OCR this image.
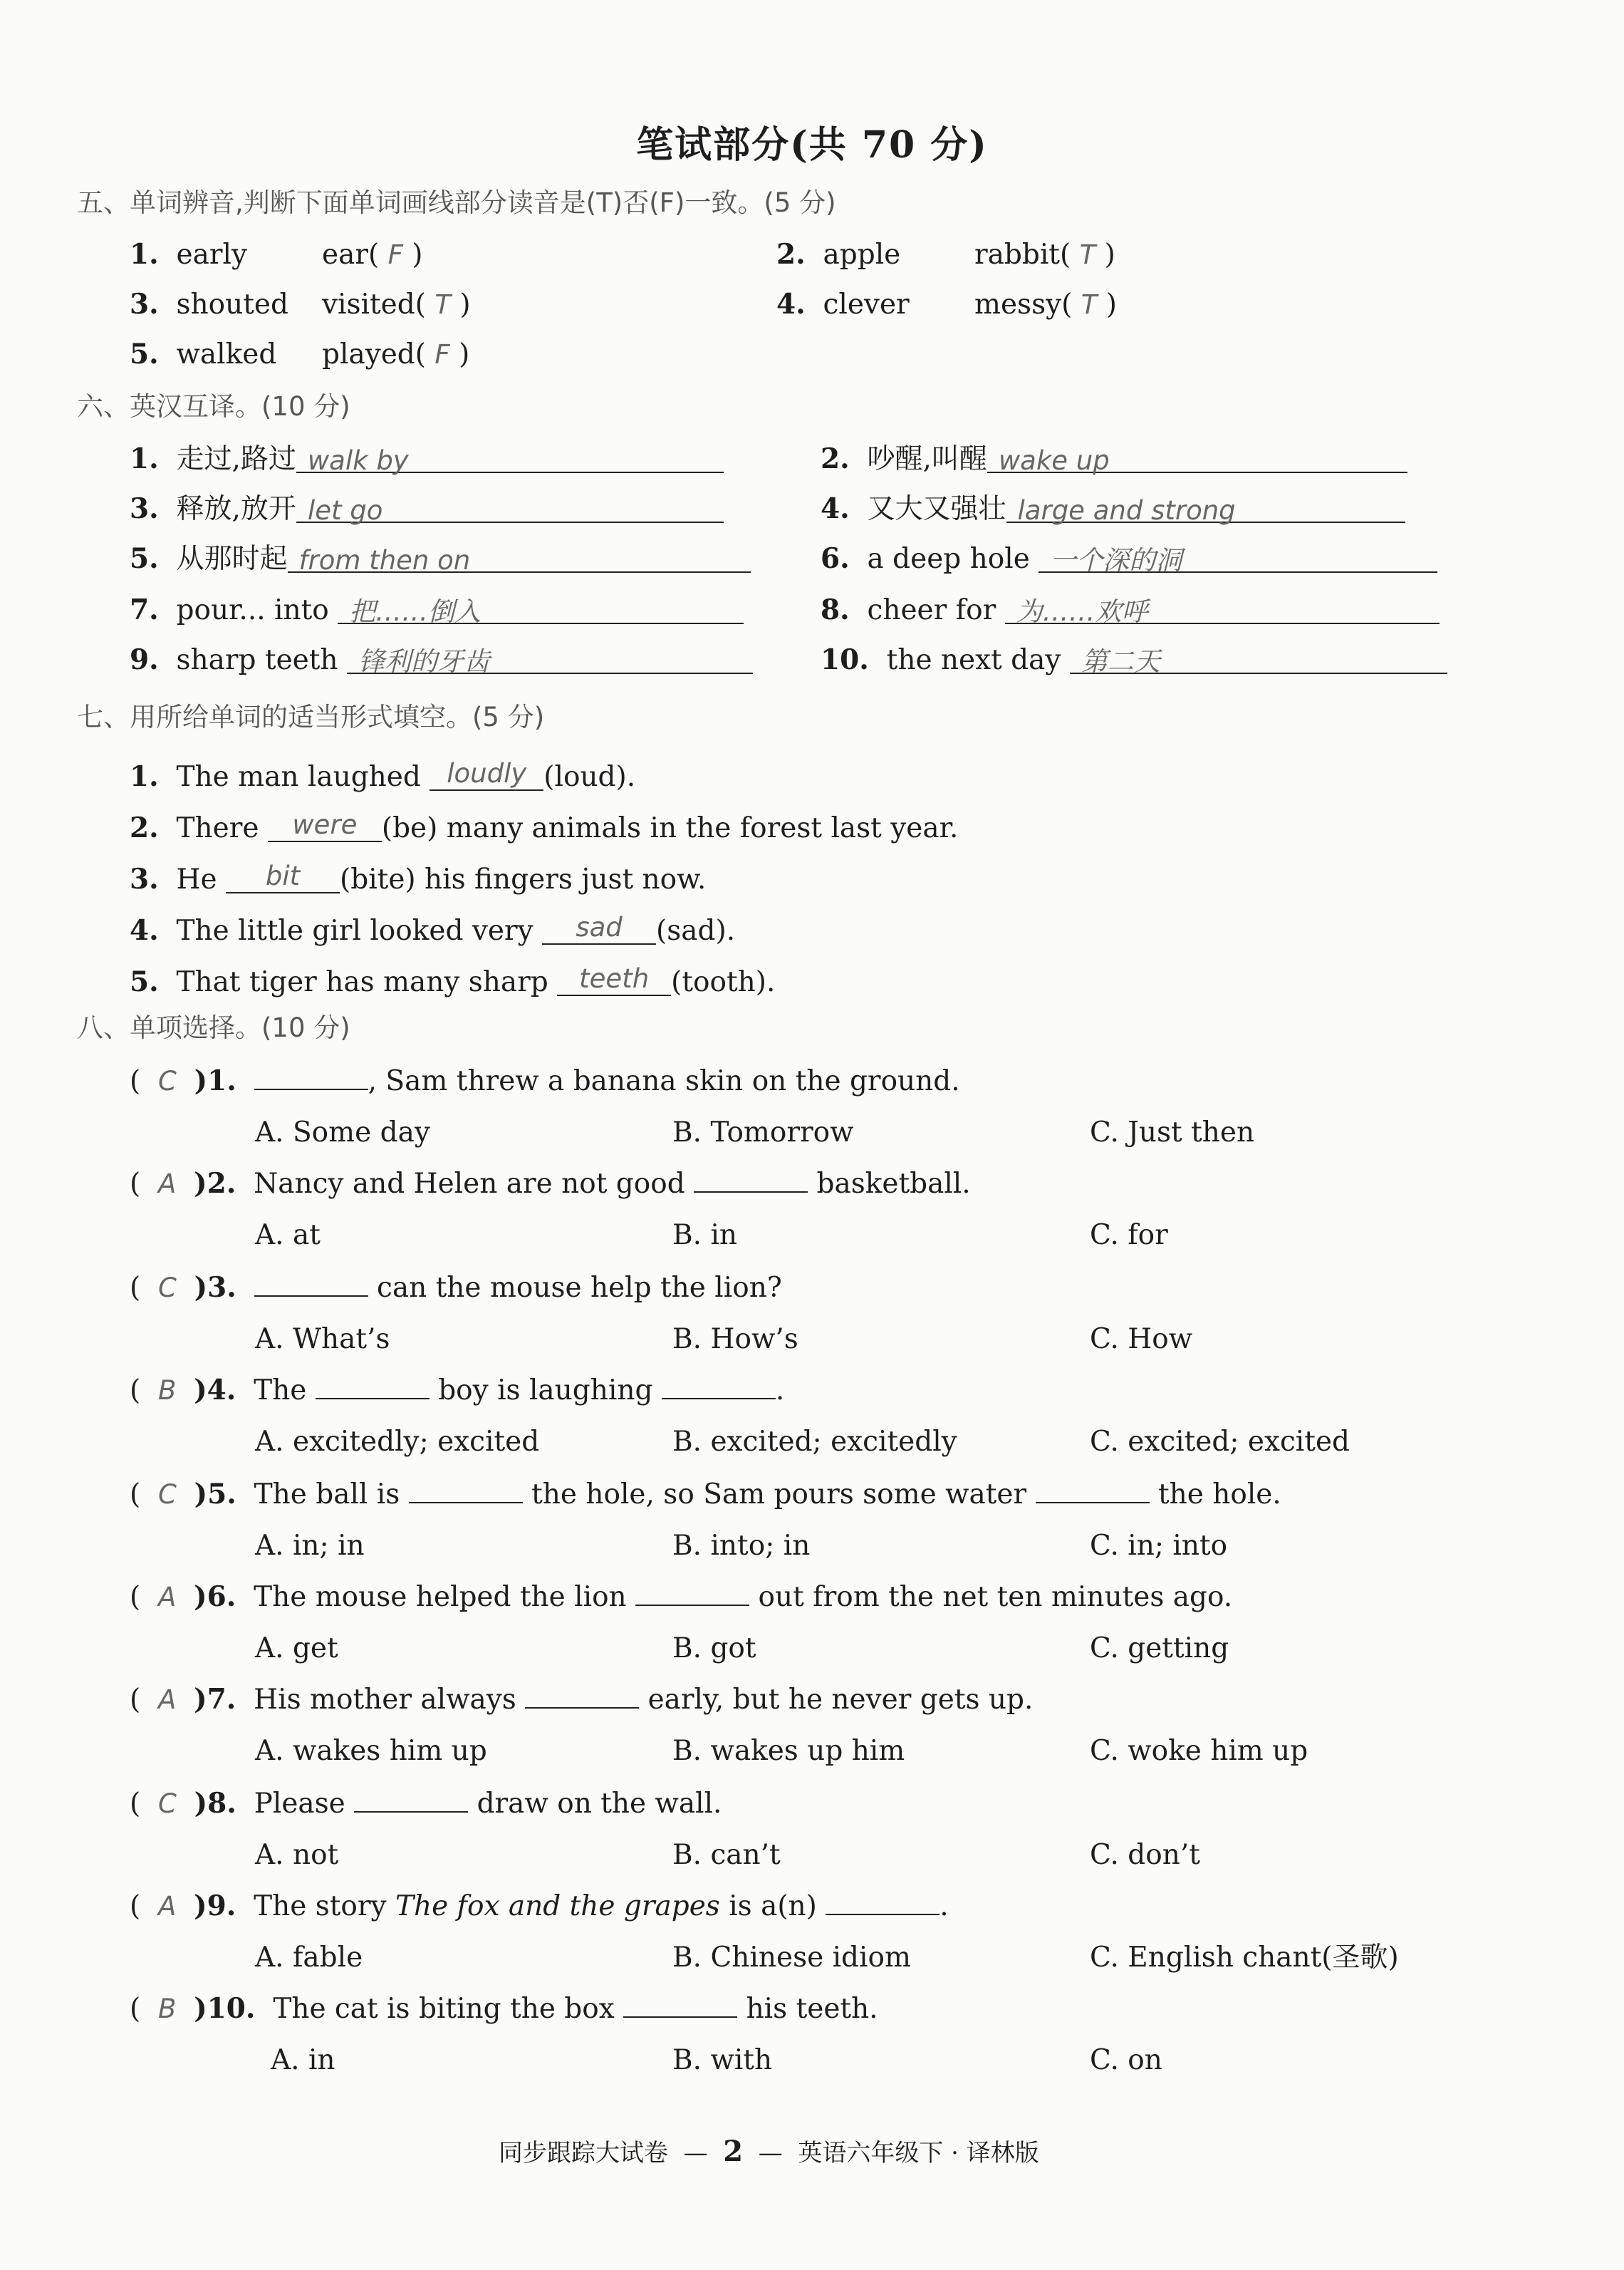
笔试部分(共 70 分)
五、单词辨音,判断下面单词画线部分读音是(T)否(F)一致。(5 分)
1. early	ear( F )	2. apple	rabbit( T )
3. shouted visited( T )	4. clever messy( T )
5. walked played( F )
六、英汉互译。(10 分)
1. 走过,路过 walk by	2. 吵醒,叫醒 wake up
3. 释放,放开 let go	4. 又大又强壮 large and strong
5. 从那时起 from then on	6. a deep hole 一个深的洞
7. pour... into 把……倒入	8. cheer for 为……欢呼
9. sharp teeth 锋利的牙齿	10. the next day 第二天
七、用所给单词的适当形式填空。(5 分)
1. The man laughed loudly (loud).
2. There were (be) many animals in the forest last year.
3. He bit (bite) his fingers just now.
4. The little girl looked very sad (sad).
5. That tiger has many sharp teeth (tooth).
八、单项选择。(10 分)
(  C )1.	, Sam threw a banana skin on the ground.
A. Some day	B. Tomorrow	C. Just then
(  A )2. Nancy and Helen are not good	basketball.
A. at	B. in	C. for
(  C )3.	can the mouse help the lion?
A. What’s	B. How’s	C. How
(  B )4. The	boy is laughing	.
A. excitedly; excited	B. excited; excitedly	C. excited; excited
(  C )5. The ball is	the hole, so Sam pours some water	the hole.
A. in; in	B. into; in	C. in; into
(  A )6. The mouse helped the lion	out from the net ten minutes ago.
A. get	B. got	C. getting
(  A )7. His mother always	early, but he never gets up.
A. wakes him up	B. wakes up him	C. woke him up
(  C )8. Please	draw on the wall.
A. not	B. can’t	C. don’t
(  A )9. The story The fox and the grapes is a(n)	.
A. fable	B. Chinese idiom	C. English chant(圣歌)
(  B )10. The cat is biting the box	his teeth.
A. in	B. with	C. on
同步跟踪大试卷 — 2 — 英语六年级下 · 译林版
